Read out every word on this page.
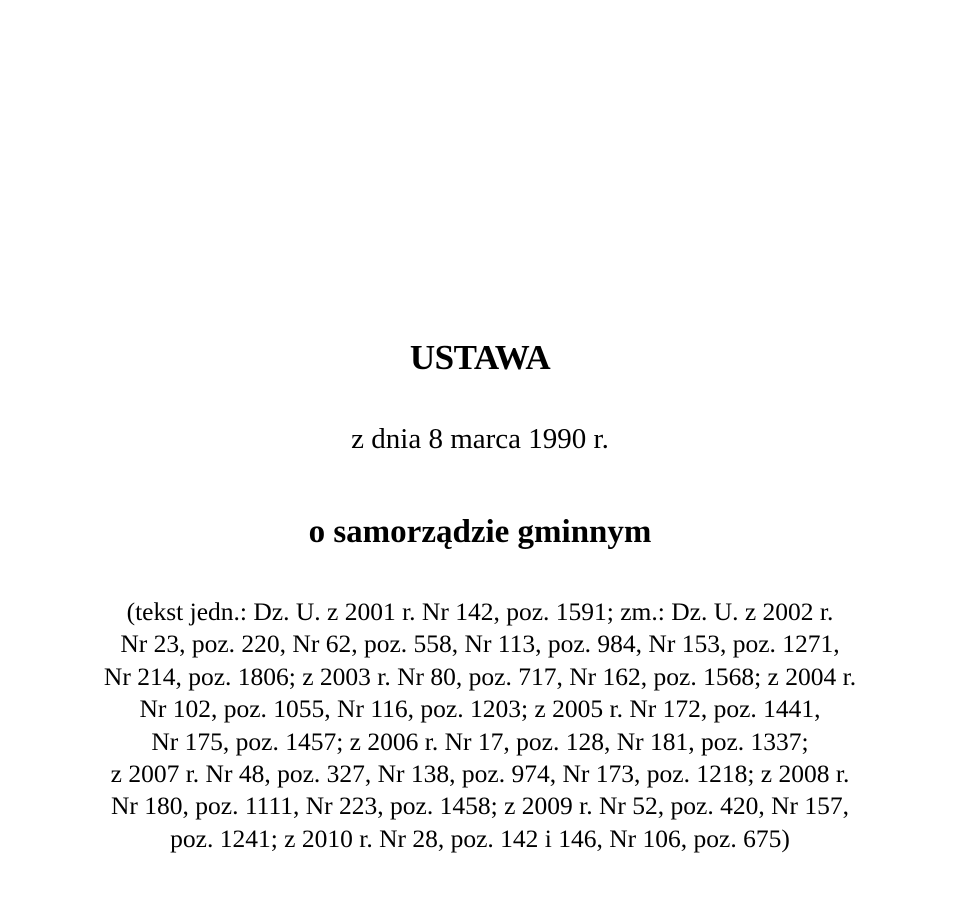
USTAWA
z dnia 8 marca 1990 r.
o samorządzie gminnym
(tekst jedn.: Dz. U. z 2001 r. Nr 142, poz. 1591; zm.: Dz. U. z 2002 r.
Nr 23, poz. 220, Nr 62, poz. 558, Nr 113, poz. 984, Nr 153, poz. 1271,
Nr 214, poz. 1806; z 2003 r. Nr 80, poz. 717, Nr 162, poz. 1568; z 2004 r.
Nr 102, poz. 1055, Nr 116, poz. 1203; z 2005 r. Nr 172, poz. 1441,
Nr 175, poz. 1457; z 2006 r. Nr 17, poz. 128, Nr 181, poz. 1337;
z 2007 r. Nr 48, poz. 327, Nr 138, poz. 974, Nr 173, poz. 1218; z 2008 r.
Nr 180, poz. 1111, Nr 223, poz. 1458; z 2009 r. Nr 52, poz. 420, Nr 157,
poz. 1241; z 2010 r. Nr 28, poz. 142 i 146, Nr 106, poz. 675)
